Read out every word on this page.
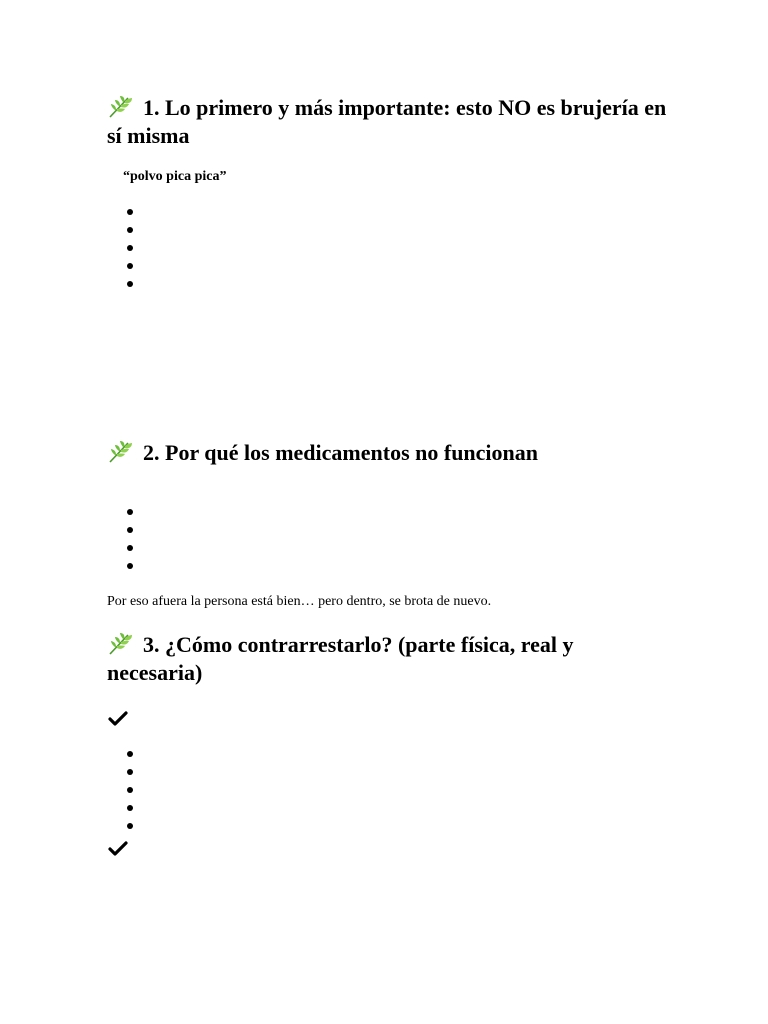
1. Lo primero y más importante: esto NO es brujería en sí misma

“polvo pica pica”

2. Por qué los medicamentos no funcionan

Por eso afuera la persona está bien… pero dentro, se brota de nuevo.

3. ¿Cómo contrarrestarlo? (parte física, real y necesaria)
